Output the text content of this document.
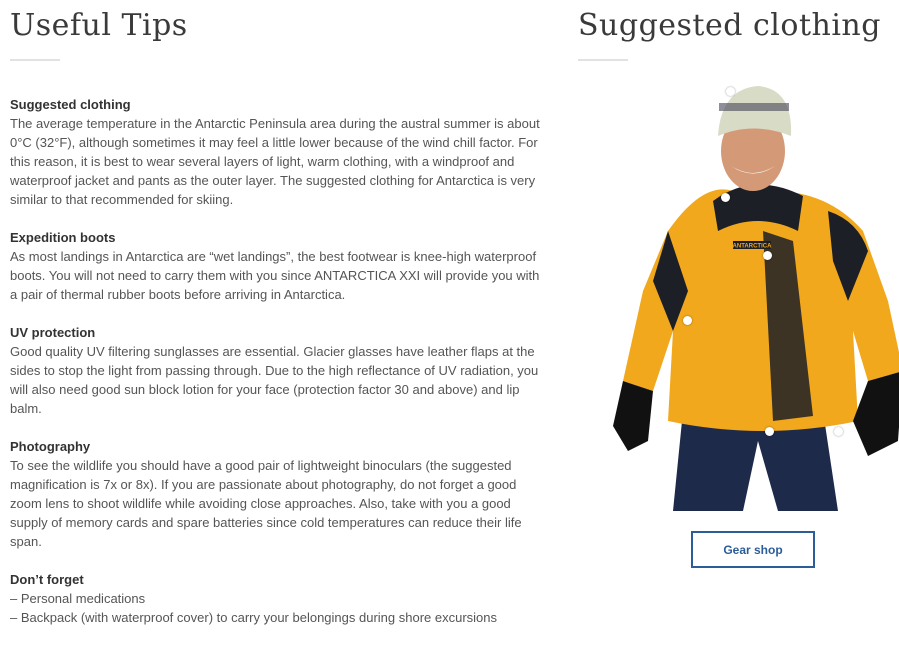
Useful Tips
Suggested clothing

The average temperature in the Antarctic Peninsula area during the austral summer is about 0°C (32°F), although sometimes it may feel a little lower because of the wind chill factor. For this reason, it is best to wear several layers of light, warm clothing, with a windproof and waterproof jacket and pants as the outer layer. The suggested clothing for Antarctica is very similar to that recommended for skiing.

Expedition boots

As most landings in Antarctica are “wet landings”, the best footwear is knee-high waterproof boots. You will not need to carry them with you since ANTARCTICA XXI will provide you with a pair of thermal rubber boots before arriving in Antarctica.

UV protection

Good quality UV filtering sunglasses are essential. Glacier glasses have leather flaps at the sides to stop the light from passing through. Due to the high reflectance of UV radiation, you will also need good sun block lotion for your face (protection factor 30 and above) and lip balm.

Photography

To see the wildlife you should have a good pair of lightweight binoculars (the suggested magnification is 7x or 8x). If you are passionate about photography, do not forget a good zoom lens to shoot wildlife while avoiding close approaches. Also, take with you a good supply of memory cards and spare batteries since cold temperatures can reduce their life span.

Don’t forget
– Personal medications
– Backpack (with waterproof cover) to carry your belongings during shore excursions
Suggested clothing
ANTARCTICA
Gear shop
